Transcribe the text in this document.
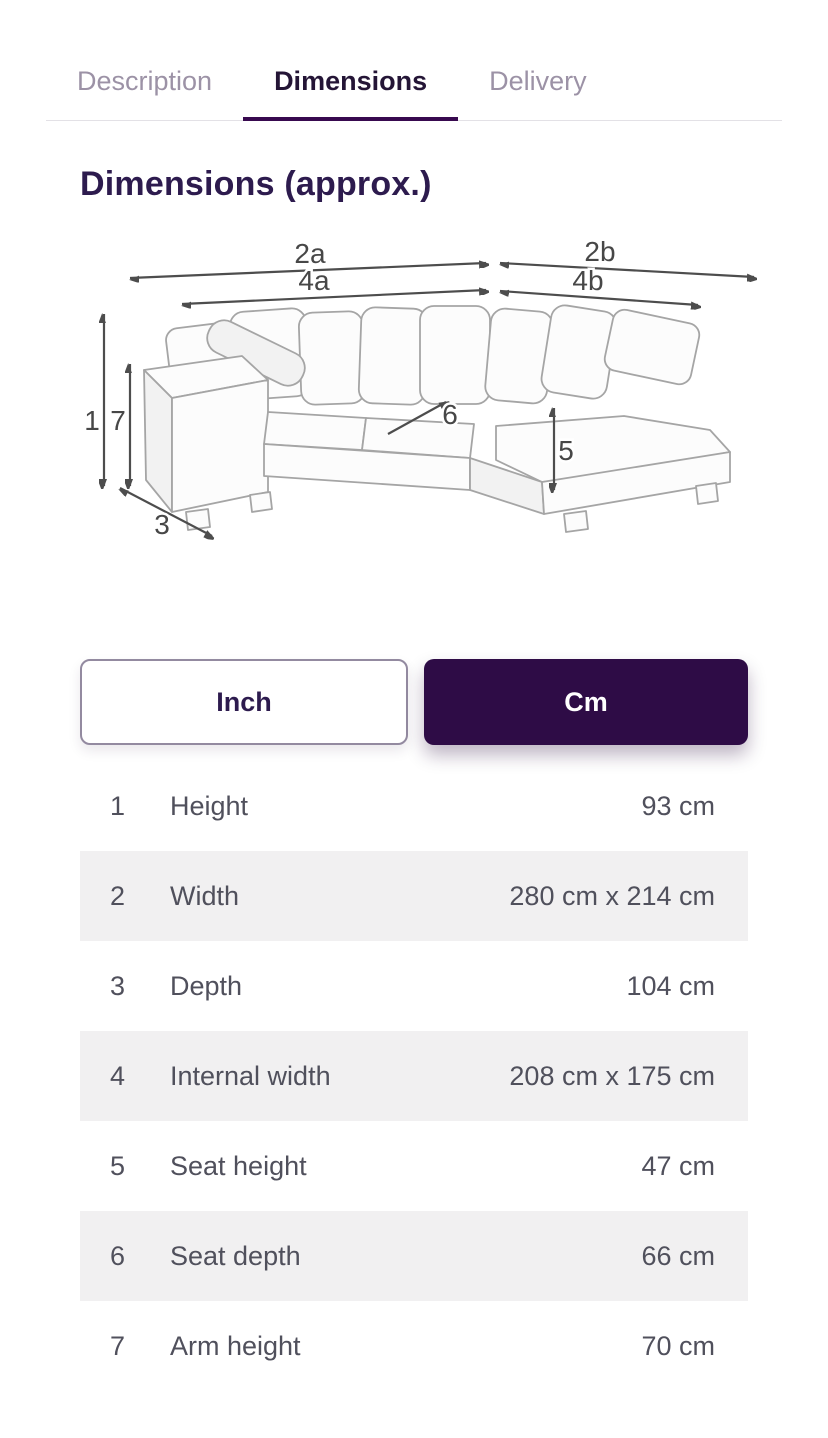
Description	Dimensions	Delivery
Dimensions (approx.)
2a	2b
4a	4b
1 7
3
6
5
Inch	Cm
1	Height	93 cm
2	Width	280 cm x 214 cm
3	Depth	104 cm
4	Internal width	208 cm x 175 cm
5	Seat height	47 cm
6	Seat depth	66 cm
7	Arm height	70 cm
